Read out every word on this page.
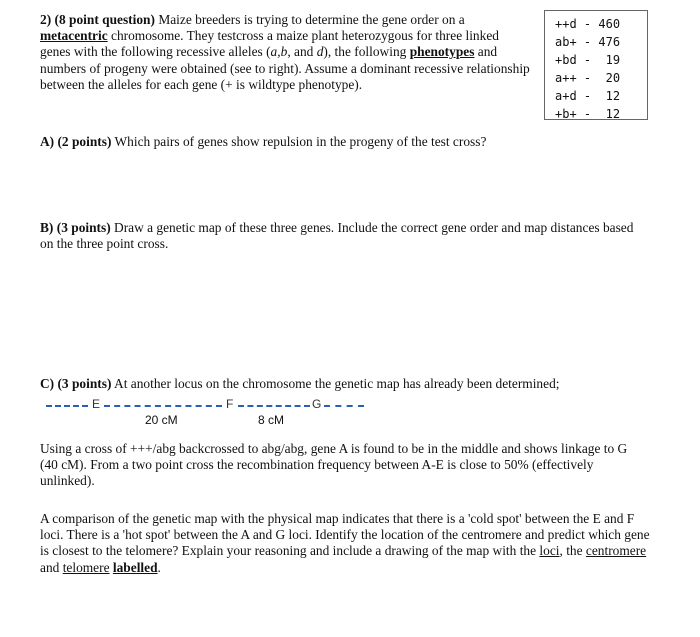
2) (8 point question) Maize breeders is trying to determine the gene order on a metacentric chromosome. They testcross a maize plant heterozygous for three linked genes with the following recessive alleles (a,b, and d), the following phenotypes and numbers of progeny were obtained (see to right). Assume a dominant recessive relationship between the alleles for each gene (+ is wildtype phenotype).
++d - 460
ab+ - 476
+bd -  19
a++ -  20
a+d -  12
+b+ -  12
A) (2 points) Which pairs of genes show repulsion in the progeny of the test cross?
B) (3 points) Draw a genetic map of these three genes. Include the correct gene order and map distances based on the three point cross.
C) (3 points) At another locus on the chromosome the genetic map has already been determined;
E	F	G
20 cM	8 cM
Using a cross of +++/abg backcrossed to abg/abg, gene A is found to be in the middle and shows linkage to G (40 cM). From a two point cross the recombination frequency between A-E is close to 50% (effectively unlinked).
A comparison of the genetic map with the physical map indicates that there is a 'cold spot' between the E and F loci. There is a 'hot spot' between the A and G loci. Identify the location of the centromere and predict which gene is closest to the telomere? Explain your reasoning and include a drawing of the map with the loci, the centromere and telomere labelled.
